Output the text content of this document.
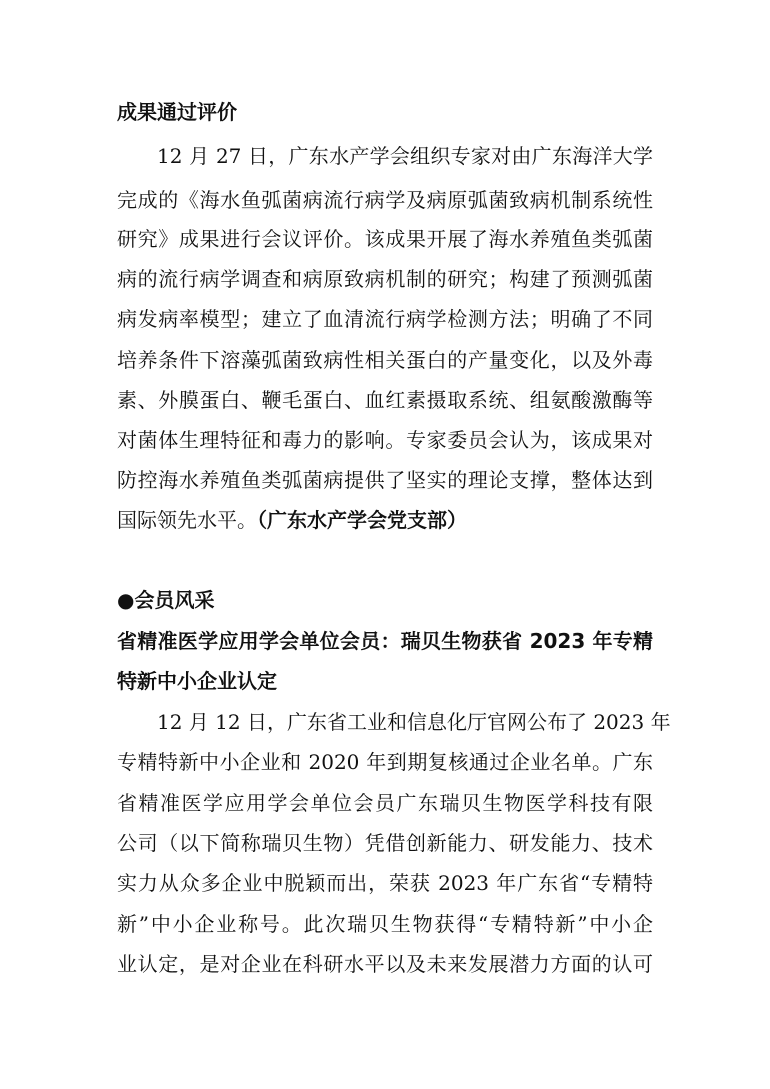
成果通过评价
12 月 27 日，广东水产学会组织专家对由广东海洋大学
完成的《海水鱼弧菌病流行病学及病原弧菌致病机制系统性
研究》成果进行会议评价。该成果开展了海水养殖鱼类弧菌
病的流行病学调查和病原致病机制的研究；构建了预测弧菌
病发病率模型；建立了血清流行病学检测方法；明确了不同
培养条件下溶藻弧菌致病性相关蛋白的产量变化，以及外毒
素、外膜蛋白、鞭毛蛋白、血红素摄取系统、组氨酸激酶等
对菌体生理特征和毒力的影响。专家委员会认为，该成果对
防控海水养殖鱼类弧菌病提供了坚实的理论支撑，整体达到
国际领先水平。（广东水产学会党支部）
●会员风采
省精准医学应用学会单位会员：瑞贝生物获省 2023 年专精
特新中小企业认定
12 月 12 日，广东省工业和信息化厅官网公布了 2023 年
专精特新中小企业和 2020 年到期复核通过企业名单。广东
省精准医学应用学会单位会员广东瑞贝生物医学科技有限
公司（以下简称瑞贝生物）凭借创新能力、研发能力、技术
实力从众多企业中脱颖而出，荣获 2023 年广东省“专精特
新”中小企业称号。此次瑞贝生物获得“专精特新”中小企
业认定，是对企业在科研水平以及未来发展潜力方面的认可
